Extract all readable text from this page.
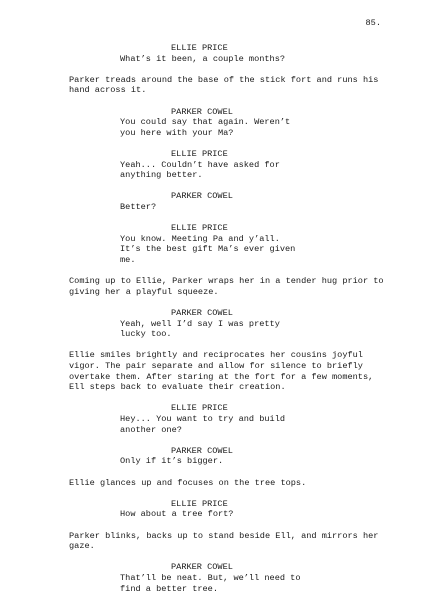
85.
ELLIE PRICE
What’s it been, a couple months?
Parker treads around the base of the stick fort and runs his
hand across it.
PARKER COWEL
You could say that again. Weren’t
you here with your Ma?
ELLIE PRICE
Yeah... Couldn’t have asked for
anything better.
PARKER COWEL
Better?
ELLIE PRICE
You know. Meeting Pa and y’all.
It’s the best gift Ma’s ever given
me.
Coming up to Ellie, Parker wraps her in a tender hug prior to
giving her a playful squeeze.
PARKER COWEL
Yeah, well I’d say I was pretty
lucky too.
Ellie smiles brightly and reciprocates her cousins joyful
vigor. The pair separate and allow for silence to briefly
overtake them. After staring at the fort for a few moments,
Ell steps back to evaluate their creation.
ELLIE PRICE
Hey... You want to try and build
another one?
PARKER COWEL
Only if it’s bigger.
Ellie glances up and focuses on the tree tops.
ELLIE PRICE
How about a tree fort?
Parker blinks, backs up to stand beside Ell, and mirrors her
gaze.
PARKER COWEL
That’ll be neat. But, we’ll need to
find a better tree.
